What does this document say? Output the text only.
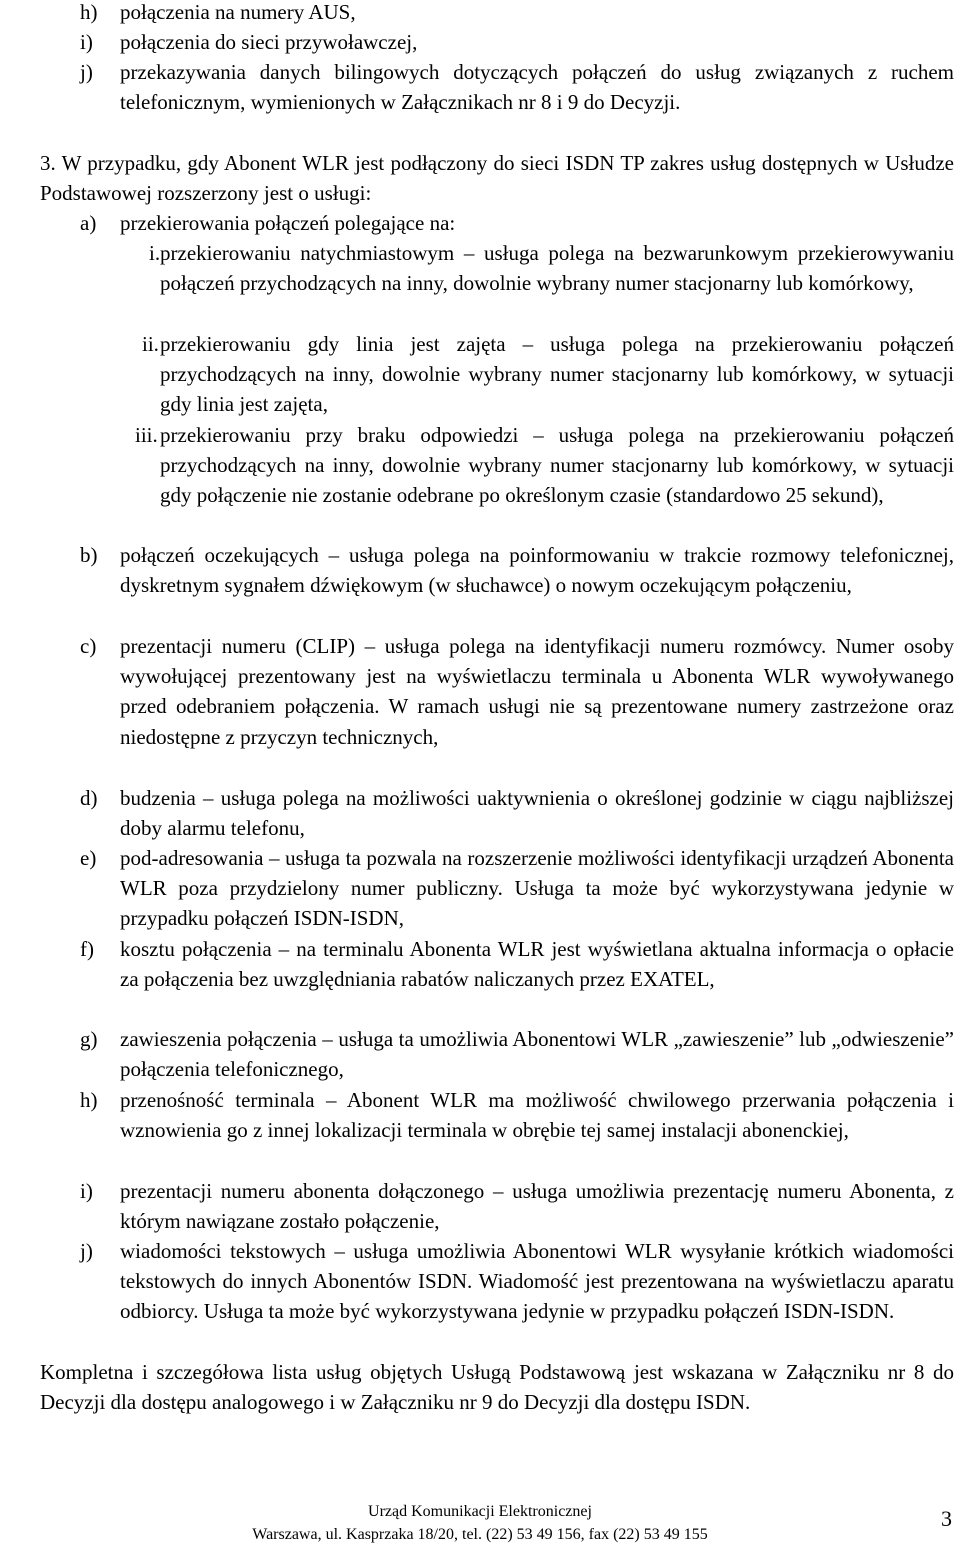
h) połączenia na numery AUS,
i) połączenia do sieci przywoławczej,
j) przekazywania danych bilingowych dotyczących połączeń do usług związanych z ruchem telefonicznym, wymienionych w Załącznikach nr 8 i 9 do Decyzji.
3. W przypadku, gdy Abonent WLR jest podłączony do sieci ISDN TP zakres usług dostępnych w Usłudze Podstawowej rozszerzony jest o usługi:
a) przekierowania połączeń polegające na:
i. przekierowaniu natychmiastowym – usługa polega na bezwarunkowym przekierowywaniu połączeń przychodzących na inny, dowolnie wybrany numer stacjonarny lub komórkowy,
ii. przekierowaniu gdy linia jest zajęta – usługa polega na przekierowaniu połączeń przychodzących na inny, dowolnie wybrany numer stacjonarny lub komórkowy, w sytuacji gdy linia jest zajęta,
iii. przekierowaniu przy braku odpowiedzi – usługa polega na przekierowaniu połączeń przychodzących na inny, dowolnie wybrany numer stacjonarny lub komórkowy, w sytuacji gdy połączenie nie zostanie odebrane po określonym czasie (standardowo 25 sekund),
b) połączeń oczekujących – usługa polega na poinformowaniu w trakcie rozmowy telefonicznej, dyskretnym sygnałem dźwiękowym (w słuchawce) o nowym oczekującym połączeniu,
c) prezentacji numeru (CLIP) – usługa polega na identyfikacji numeru rozmówcy. Numer osoby wywołującej prezentowany jest na wyświetlaczu terminala u Abonenta WLR wywoływanego przed odebraniem połączenia. W ramach usługi nie są prezentowane numery zastrzeżone oraz niedostępne z przyczyn technicznych,
d) budzenia – usługa polega na możliwości uaktywnienia o określonej godzinie w ciągu najbliższej doby alarmu telefonu,
e) pod-adresowania – usługa ta pozwala na rozszerzenie możliwości identyfikacji urządzeń Abonenta WLR poza przydzielony numer publiczny. Usługa ta może być wykorzystywana jedynie w przypadku połączeń ISDN-ISDN,
f) kosztu połączenia – na terminalu Abonenta WLR jest wyświetlana aktualna informacja o opłacie za połączenia bez uwzględniania rabatów naliczanych przez EXATEL,
g) zawieszenia połączenia – usługa ta umożliwia Abonentowi WLR „zawieszenie” lub „odwieszenie” połączenia telefonicznego,
h) przenośność terminala – Abonent WLR ma możliwość chwilowego przerwania połączenia i wznowienia go z innej lokalizacji terminala w obrębie tej samej instalacji abonenckiej,
i) prezentacji numeru abonenta dołączonego – usługa umożliwia prezentację numeru Abonenta, z którym nawiązane zostało połączenie,
j) wiadomości tekstowych – usługa umożliwia Abonentowi WLR wysyłanie krótkich wiadomości tekstowych do innych Abonentów ISDN. Wiadomość jest prezentowana na wyświetlaczu aparatu odbiorcy. Usługa ta może być wykorzystywana jedynie w przypadku połączeń ISDN-ISDN.
Kompletna i szczegółowa lista usług objętych Usługą Podstawową jest wskazana w Załączniku nr 8 do Decyzji dla dostępu analogowego i w Załączniku nr 9 do Decyzji dla dostępu ISDN.
Urząd Komunikacji Elektronicznej
Warszawa, ul. Kasprzaka 18/20, tel. (22) 53 49 156, fax (22) 53 49 155
3
